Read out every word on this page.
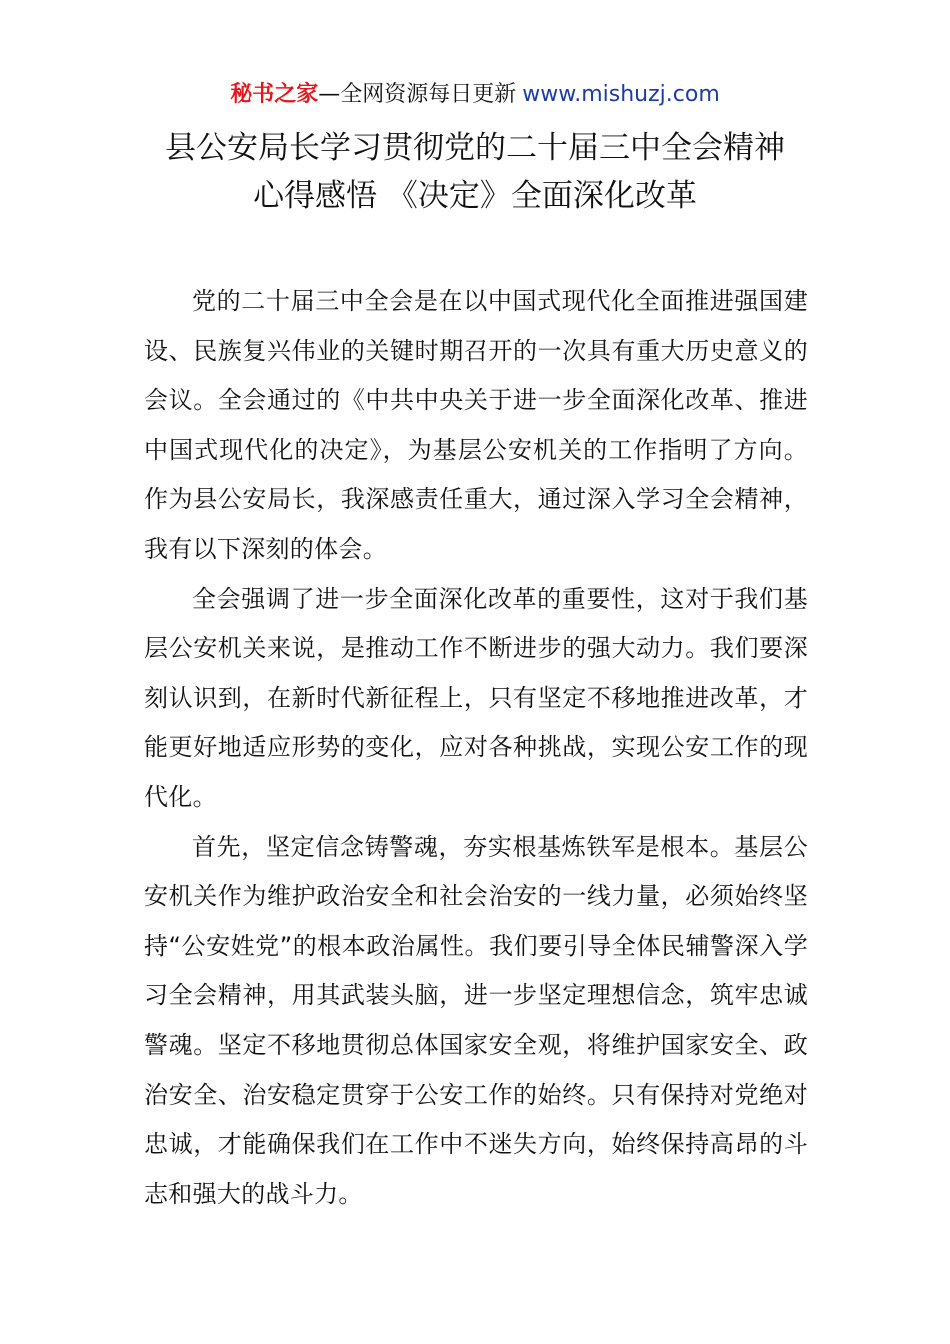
秘书之家—全网资源每日更新 www.mishuzj.com
县公安局长学习贯彻党的二十届三中全会精神
心得感悟 《决定》全面深化改革

党的二十届三中全会是在以中国式现代化全面推进强国建设、民族复兴伟业的关键时期召开的一次具有重大历史意义的会议。全会通过的《中共中央关于进一步全面深化改革、推进中国式现代化的决定》，为基层公安机关的工作指明了方向。作为县公安局长，我深感责任重大，通过深入学习全会精神，我有以下深刻的体会。

全会强调了进一步全面深化改革的重要性，这对于我们基层公安机关来说，是推动工作不断进步的强大动力。我们要深刻认识到，在新时代新征程上，只有坚定不移地推进改革，才能更好地适应形势的变化，应对各种挑战，实现公安工作的现代化。

首先，坚定信念铸警魂，夯实根基炼铁军是根本。基层公安机关作为维护政治安全和社会治安的一线力量，必须始终坚持“公安姓党”的根本政治属性。我们要引导全体民辅警深入学习全会精神，用其武装头脑，进一步坚定理想信念，筑牢忠诚警魂。坚定不移地贯彻总体国家安全观，将维护国家安全、政治安全、治安稳定贯穿于公安工作的始终。只有保持对党绝对忠诚，才能确保我们在工作中不迷失方向，始终保持高昂的斗志和强大的战斗力。
